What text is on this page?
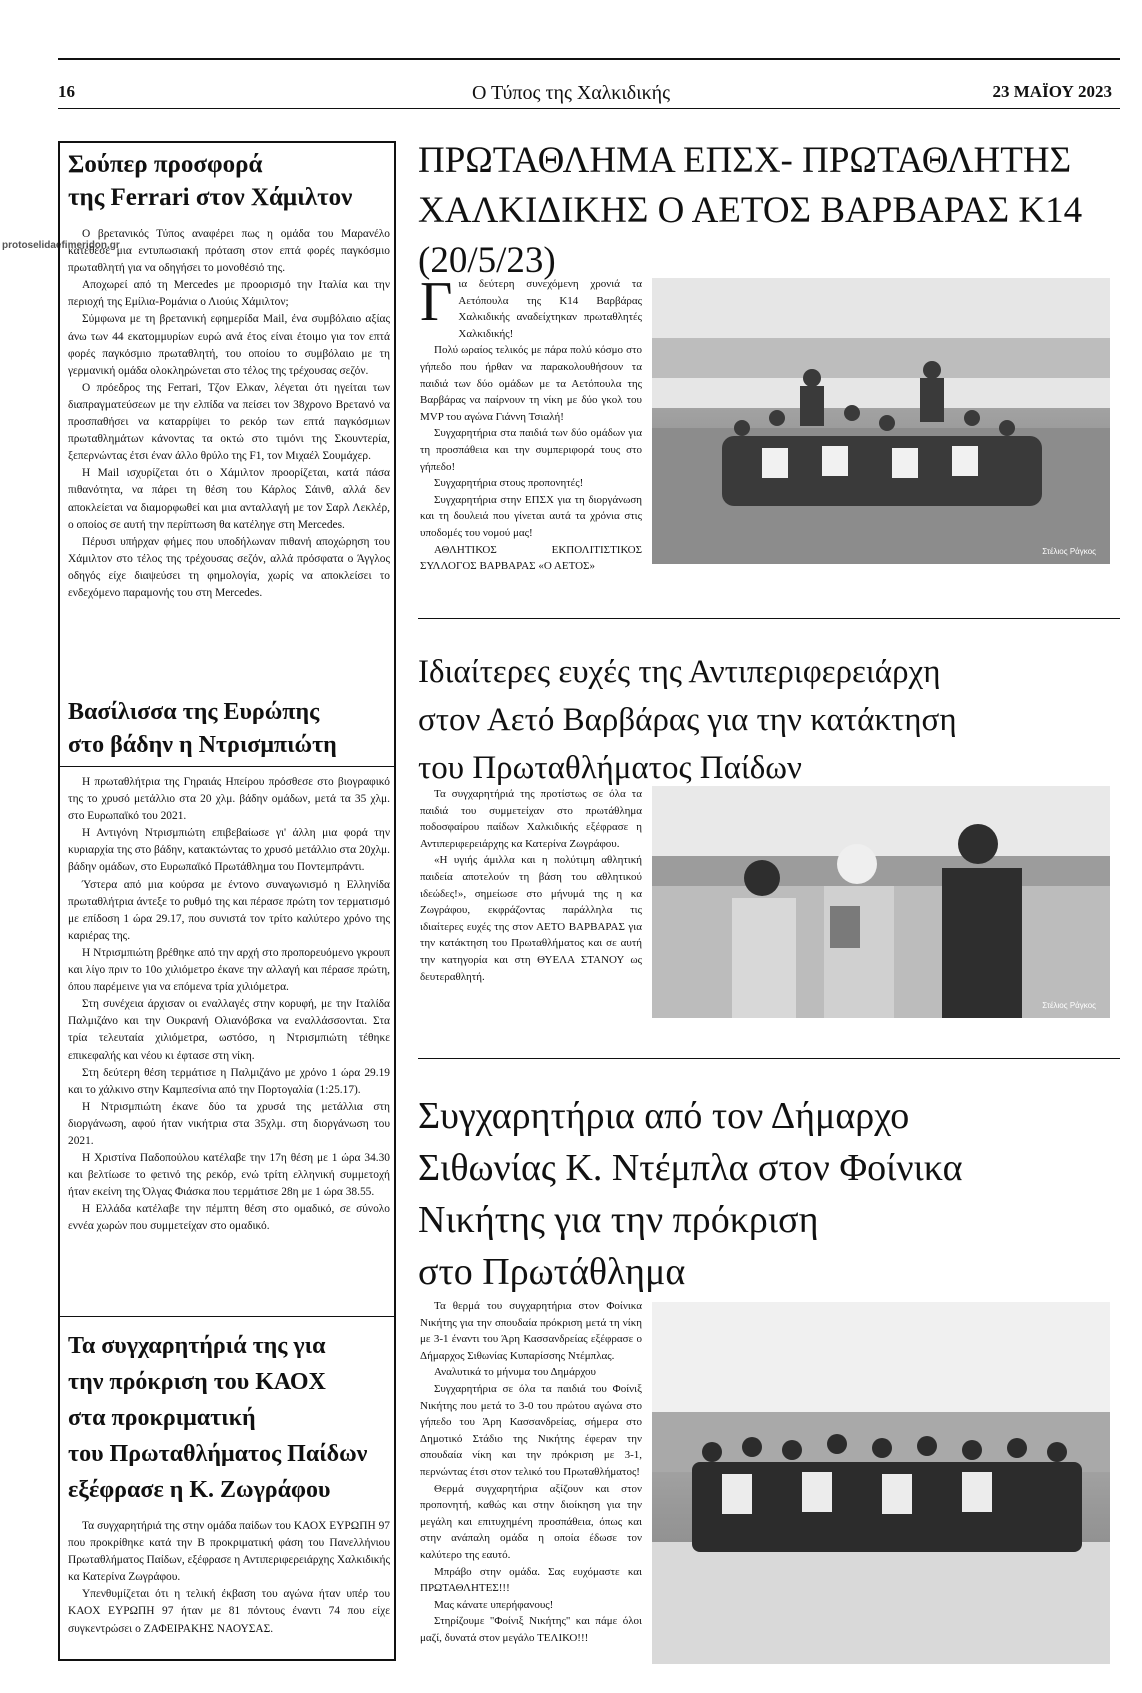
16	Ο Τύπος της Χαλκιδικής	23 ΜΑΪΟΥ 2023
protoselidaefimeridon.gr
Σούπερ προσφορά
της Ferrari στον Χάμιλτον

Ο βρετανικός Τύπος αναφέρει πως η ομάδα του Μαρανέλο κατέθεσε μια εντυπωσιακή πρόταση στον επτά φορές παγκόσμιο πρωταθλητή για να οδηγήσει το μονοθέσιό της.

Αποχωρεί από τη Mercedes με προορισμό την Ιταλία και την περιοχή της Εμίλια-Ρομάνια ο Λιούις Χάμιλτον;

Σύμφωνα με τη βρετανική εφημερίδα Mail, ένα συμβόλαιο αξίας άνω των 44 εκατομμυρίων ευρώ ανά έτος είναι έτοιμο για τον επτά φορές παγκόσμιο πρωταθλητή, του οποίου το συμβόλαιο με τη γερμανική ομάδα ολοκληρώνεται στο τέλος της τρέχουσας σεζόν.

Ο πρόεδρος της Ferrari, Τζον Ελκαν, λέγεται ότι ηγείται των διαπραγματεύσεων με την ελπίδα να πείσει τον 38χρονο Βρετανό να προσπαθήσει να καταρρίψει το ρεκόρ των επτά παγκόσμιων πρωταθλημάτων κάνοντας τα οκτώ στο τιμόνι της Σκουντερία, ξεπερνώντας έτσι έναν άλλο θρύλο της F1, τον Μιχαέλ Σουμάχερ.

Η Mail ισχυρίζεται ότι ο Χάμιλτον προορίζεται, κατά πάσα πιθανότητα, να πάρει τη θέση του Κάρλος Σάινθ, αλλά δεν αποκλείεται να διαμορφωθεί και μια ανταλλαγή με τον Σαρλ Λεκλέρ, ο οποίος σε αυτή την περίπτωση θα κατέληγε στη Mercedes.

Πέρυσι υπήρχαν φήμες που υποδήλωναν πιθανή αποχώρηση του Χάμιλτον στο τέλος της τρέχουσας σεζόν, αλλά πρόσφατα ο Άγγλος οδηγός είχε διαψεύσει τη φημολογία, χωρίς να αποκλείσει το ενδεχόμενο παραμονής του στη Mercedes.

Βασίλισσα της Ευρώπης
στο βάδην η Ντρισμπιώτη

Η πρωταθλήτρια της Γηραιάς Ηπείρου πρόσθεσε στο βιογραφικό της το χρυσό μετάλλιο στα 20 χλμ. βάδην ομάδων, μετά τα 35 χλμ. στο Ευρωπαϊκό του 2021.

Η Αντιγόνη Ντρισμπιώτη επιβεβαίωσε γι' άλλη μια φορά την κυριαρχία της στο βάδην, κατακτώντας το χρυσό μετάλλιο στα 20χλμ. βάδην ομάδων, στο Ευρωπαϊκό Πρωτάθλημα του Ποντεμπράντι.

Ύστερα από μια κούρσα με έντονο συναγωνισμό η Ελληνίδα πρωταθλήτρια άντεξε το ρυθμό της και πέρασε πρώτη τον τερματισμό με επίδοση 1 ώρα 29.17, που συνιστά τον τρίτο καλύτερο χρόνο της καριέρας της.

Η Ντρισμπιώτη βρέθηκε από την αρχή στο προπορευόμενο γκρουπ και λίγο πριν το 10ο χιλιόμετρο έκανε την αλλαγή και πέρασε πρώτη, όπου παρέμεινε για να επόμενα τρία χιλιόμετρα.

Στη συνέχεια άρχισαν οι εναλλαγές στην κορυφή, με την Ιταλίδα Παλμιζάνο και την Ουκρανή Ολιανόβσκα να εναλλάσσονται. Στα τρία τελευταία χιλιόμετρα, ωστόσο, η Ντρισμπιώτη τέθηκε επικεφαλής και νέου κι έφτασε στη νίκη.

Στη δεύτερη θέση τερμάτισε η Παλμιζάνο με χρόνο 1 ώρα 29.19 και το χάλκινο στην Καμπεσίνια από την Πορτογαλία (1:25.17).

Η Ντρισμπιώτη έκανε δύο τα χρυσά της μετάλλια στη διοργάνωση, αφού ήταν νικήτρια στα 35χλμ. στη διοργάνωση του 2021.

Η Χριστίνα Παδοπούλου κατέλαβε την 17η θέση με 1 ώρα 34.30 και βελτίωσε το φετινό της ρεκόρ, ενώ τρίτη ελληνική συμμετοχή ήταν εκείνη της Όλγας Φιάσκα που τερμάτισε 28η με 1 ώρα 38.55.

Η Ελλάδα κατέλαβε την πέμπτη θέση στο ομαδικό, σε σύνολο εννέα χωρών που συμμετείχαν στο ομαδικό.

Τα συγχαρητήριά της για
την πρόκριση του ΚΑΟΧ
στα προκριματική
του Πρωταθλήματος Παίδων
εξέφρασε η Κ. Ζωγράφου

Τα συγχαρητήριά της στην ομάδα παίδων του ΚΑΟΧ ΕΥΡΩΠΗ 97 που προκρίθηκε κατά την Β προκριματική φάση του Πανελλήνιου Πρωταθλήματος Παίδων, εξέφρασε η Αντιπεριφερειάρχης Χαλκιδικής κα Κατερίνα Ζωγράφου.

Υπενθυμίζεται ότι η τελική έκβαση του αγώνα ήταν υπέρ του ΚΑΟΧ ΕΥΡΩΠΗ 97 ήταν με 81 πόντους έναντι 74 που είχε συγκεντρώσει ο ΖΑΦΕΙΡΑΚΗΣ ΝΑΟΥΣΑΣ.

ΠΡΩΤΑΘΛΗΜΑ ΕΠΣΧ- ΠΡΩΤΑΘΛΗΤΗΣ
ΧΑΛΚΙΔΙΚΗΣ Ο ΑΕΤΟΣ ΒΑΡΒΑΡΑΣ Κ14
(20/5/23)

Για δεύτερη συνεχόμενη χρονιά τα Αετόπουλα της Κ14 Βαρβάρας Χαλκιδικής αναδείχτηκαν πρωταθλητές Χαλκιδικής!

Πολύ ωραίος τελικός με πάρα πολύ κόσμο στο γήπεδο που ήρθαν να παρακολουθήσουν τα παιδιά των δύο ομάδων με τα Αετόπουλα της Βαρβάρας να παίρνουν τη νίκη με δύο γκολ του MVP του αγώνα Γιάννη Τσιαλή!

Συγχαρητήρια στα παιδιά των δύο ομάδων για τη προσπάθεια και την συμπεριφορά τους στο γήπεδο!

Συγχαρητήρια στους προπονητές!

Συγχαρητήρια στην ΕΠΣΧ για τη διοργάνωση και τη δουλειά που γίνεται αυτά τα χρόνια στις υποδομές του νομού μας!

ΑΘΛΗΤΙΚΟΣ ΕΚΠΟΛΙΤΙΣΤΙΚΟΣ ΣΥΛΛΟΓΟΣ ΒΑΡΒΑΡΑΣ «Ο ΑΕΤΟΣ»

Στέλιος Ράγκος
Ιδιαίτερες ευχές της Αντιπεριφερειάρχη
στον Αετό Βαρβάρας για την κατάκτηση
του Πρωταθλήματος Παίδων

Τα συγχαρητήριά της προτίστως σε όλα τα παιδιά του συμμετείχαν στο πρωτάθλημα ποδοσφαίρου παίδων Χαλκιδικής εξέφρασε η Αντιπεριφερειάρχης κα Κατερίνα Ζωγράφου.

«Η υγιής άμιλλα και η πολύτιμη αθλητική παιδεία αποτελούν τη βάση του αθλητικού ιδεώδες!», σημείωσε στο μήνυμά της η κα Ζωγράφου, εκφράζοντας παράλληλα τις ιδιαίτερες ευχές της στον ΑΕΤΟ ΒΑΡΒΑΡΑΣ για την κατάκτηση του Πρωταθλήματος και σε αυτή την κατηγορία και στη ΘΥΕΛΑ ΣΤΑΝΟΥ ως δευτεραθλητή.

Στέλιος Ράγκος
Συγχαρητήρια από τον Δήμαρχο
Σιθωνίας Κ. Ντέμπλα στον Φοίνικα
Νικήτης για την πρόκριση
στο Πρωτάθλημα

Τα θερμά του συγχαρητήρια στον Φοίνικα Νικήτης για την σπουδαία πρόκριση μετά τη νίκη με 3-1 έναντι του Άρη Κασσανδρείας εξέφρασε ο Δήμαρχος Σιθωνίας Κυπαρίσσης Ντέμπλας.

Αναλυτικά το μήνυμα του Δημάρχου

Συγχαρητήρια σε όλα τα παιδιά του Φοίνιξ Νικήτης που μετά το 3-0 του πρώτου αγώνα στο γήπεδο του Άρη Κασσανδρείας, σήμερα στο Δημοτικό Στάδιο της Νικήτης έφεραν την σπουδαία νίκη και την πρόκριση με 3-1, περνώντας έτσι στον τελικό του Πρωταθλήματος!

Θερμά συγχαρητήρια αξίζουν και στον προπονητή, καθώς και στην διοίκηση για την μεγάλη και επιτυχημένη προσπάθεια, όπως και στην ανάπαλη ομάδα η οποία έδωσε τον καλύτερο της εαυτό.

Μπράβο στην ομάδα. Σας ευχόμαστε και ΠΡΩΤΑΘΛΗΤΕΣ!!!

Μας κάνατε υπερήφανους!

Στηρίζουμε "Φοίνιξ Νικήτης" και πάμε όλοι μαζί, δυνατά στον μεγάλο ΤΕΛΙΚΟ!!!
